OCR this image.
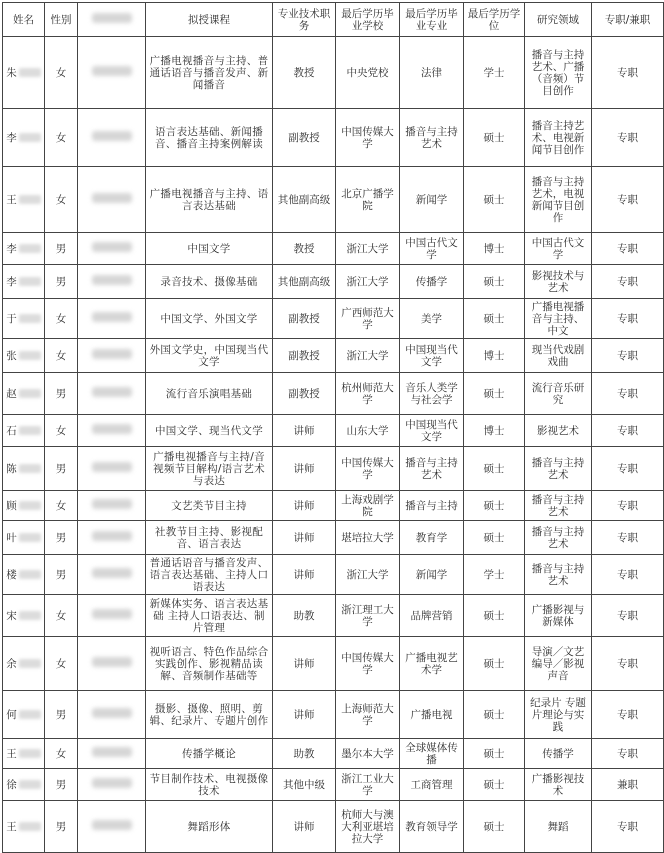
姓名	性别		拟授课程	专业技术职务	最后学历毕业学校	最后学历毕业专业	最后学历学位	研究领域	专职/兼职
朱	女		广播电视播音与主持、普通话语音与播音发声、新闻播音	教授	中央党校	法律	学士	播音与主持艺术、广播（音频）节目创作	专职
李	女		语言表达基础、新闻播音、播音主持案例解读	副教授	中国传媒大学	播音与主持艺术	硕士	播音主持艺术、电视新闻节目创作	专职
王	女		广播电视播音与主持、语言表达基础	其他副高级	北京广播学院	新闻学	硕士	播音与主持艺术，电视新闻节目创作	专职
李	男		中国文学	教授	浙江大学	中国古代文学	博士	中国古代文学	专职
李	男		录音技术、摄像基础	其他副高级	浙江大学	传播学	硕士	影视技术与艺术	专职
于	女		中国文学、外国文学	副教授	广西师范大学	美学	硕士	广播电视播音与主持、中文	专职
张	女		外国文学史，中国现当代文学	副教授	浙江大学	中国现当代文学	博士	现当代戏剧戏曲	专职
赵	男		流行音乐演唱基础	副教授	杭州师范大学	音乐人类学与社会学	硕士	流行音乐研究	专职
石	女		中国文学、现当代文学	讲师	山东大学	中国现当代文学	博士	影视艺术	专职
陈	男		广播电视播音与主持/音视频节目解构/语言艺术与表达	讲师	中国传媒大学	播音与主持艺术	硕士	播音与主持艺术	专职
顾	女		文艺类节目主持	讲师	上海戏剧学院	播音与主持	硕士	播音与主持艺术	专职
叶	男		社教节目主持、影视配音、语言表达	讲师	堪培拉大学	教育学	硕士	播音与主持艺术	专职
楼	男		普通话语音与播音发声、语言表达基础、主持人口语表达	讲师	浙江大学	新闻学	学士	播音与主持艺术	专职
宋	女		新媒体实务、语言表达基础 主持人口语表达、制片管理	助教	浙江理工大学	品牌营销	硕士	广播影视与新媒体	专职
余	女		视听语言、特色作品综合实践创作、影视精品读解、音频制作基础等	讲师	中国传媒大学	广播电视艺术学	硕士	导演／文艺编导／影视声音	专职
何	男		摄影、摄像、照明、剪辑、纪录片、专题片创作	讲师	上海师范大学	广播电视	硕士	纪录片 专题片理论与实践	专职
王	女		传播学概论	助教	墨尔本大学	全球媒体传播	硕士	传播学	专职
徐	男		节目制作技术、电视摄像技术	其他中级	浙江工业大学	工商管理	硕士	广播影视技术	兼职
王	男		舞蹈形体	讲师	杭师大与澳大利亚堪培拉大学	教育领导学	硕士	舞蹈	专职
